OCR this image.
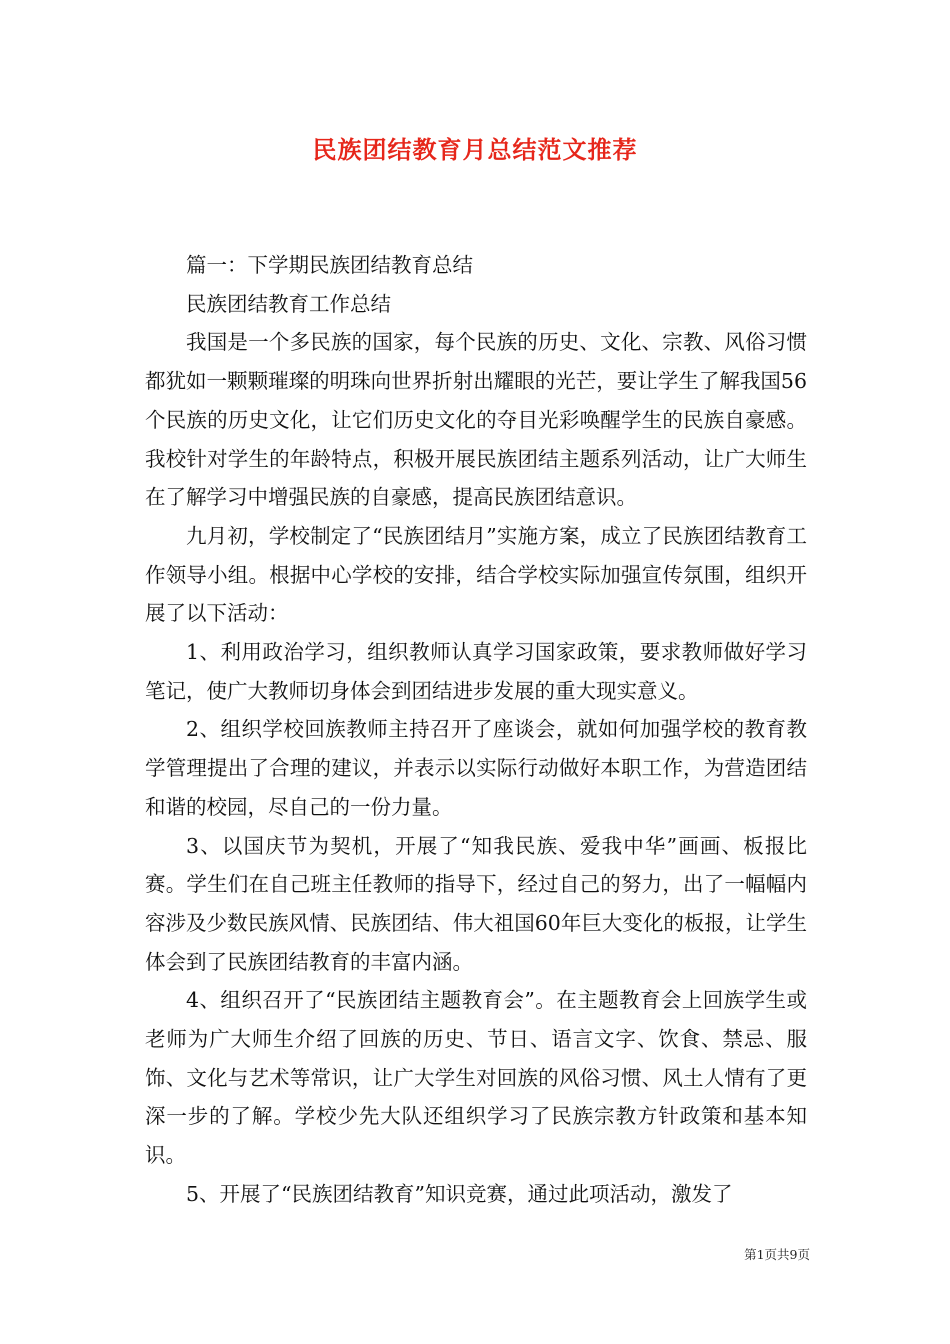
民族团结教育月总结范文推荐

篇一：下学期民族团结教育总结

民族团结教育工作总结

我国是一个多民族的国家，每个民族的历史、文化、宗教、风俗习惯都犹如一颗颗璀璨的明珠向世界折射出耀眼的光芒，要让学生了解我国56个民族的历史文化，让它们历史文化的夺目光彩唤醒学生的民族自豪感。我校针对学生的年龄特点，积极开展民族团结主题系列活动，让广大师生在了解学习中增强民族的自豪感，提高民族团结意识。

九月初，学校制定了“民族团结月”实施方案，成立了民族团结教育工作领导小组。根据中心学校的安排，结合学校实际加强宣传氛围，组织开展了以下活动：

1、利用政治学习，组织教师认真学习国家政策，要求教师做好学习笔记，使广大教师切身体会到团结进步发展的重大现实意义。

2、组织学校回族教师主持召开了座谈会，就如何加强学校的教育教学管理提出了合理的建议，并表示以实际行动做好本职工作，为营造团结和谐的校园，尽自己的一份力量。

3、以国庆节为契机，开展了“知我民族、爱我中华”画画、板报比赛。学生们在自己班主任教师的指导下，经过自己的努力，出了一幅幅内容涉及少数民族风情、民族团结、伟大祖国60年巨大变化的板报，让学生体会到了民族团结教育的丰富内涵。

4、组织召开了“民族团结主题教育会”。在主题教育会上回族学生或老师为广大师生介绍了回族的历史、节日、语言文字、饮食、禁忌、服饰、文化与艺术等常识，让广大学生对回族的风俗习惯、风土人情有了更深一步的了解。学校少先大队还组织学习了民族宗教方针政策和基本知识。

5、开展了“民族团结教育”知识竞赛，通过此项活动，激发了

第1页共9页
